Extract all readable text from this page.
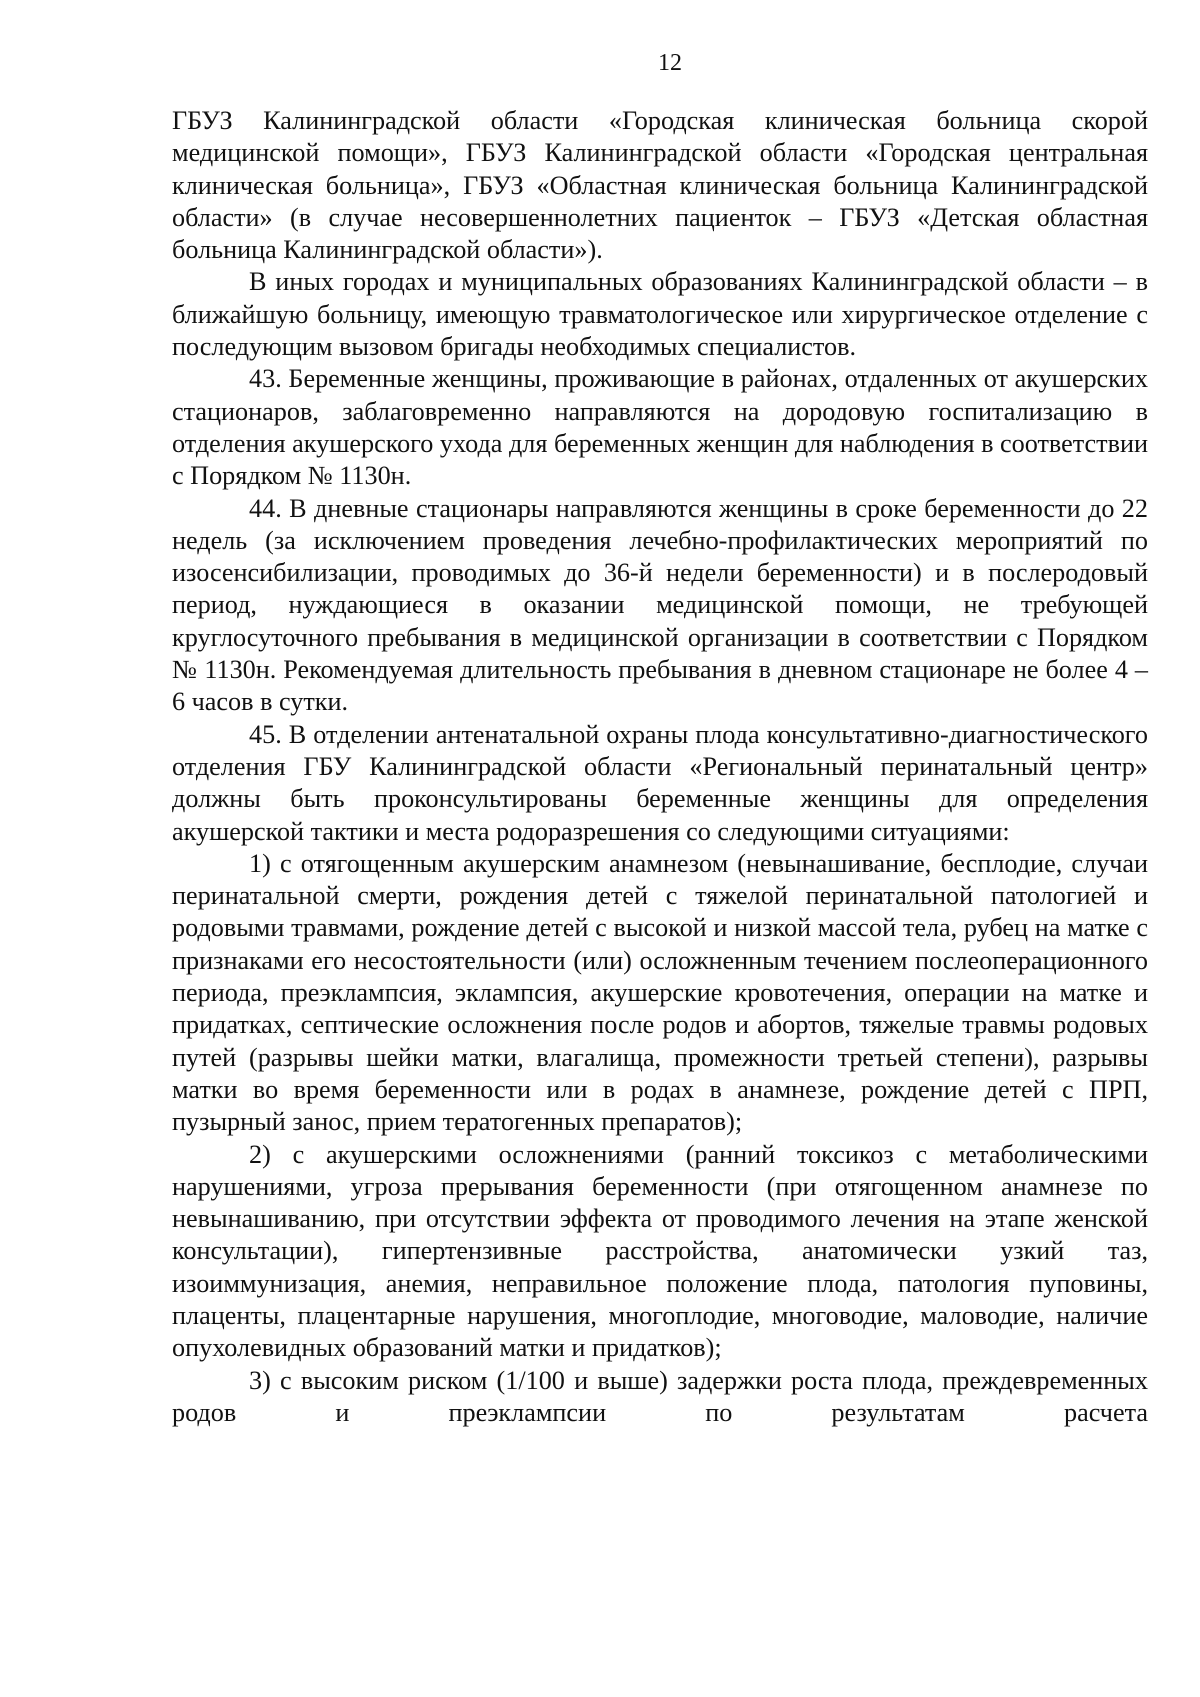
12

ГБУЗ Калининградской области «Городская клиническая больница скорой медицинской помощи», ГБУЗ Калининградской области «Городская центральная клиническая больница», ГБУЗ «Областная клиническая больница Калининградской области» (в случае несовершеннолетних пациенток – ГБУЗ «Детская областная больница Калининградской области»).

В иных городах и муниципальных образованиях Калининградской области – в ближайшую больницу, имеющую травматологическое или хирургическое отделение с последующим вызовом бригады необходимых специалистов.

43. Беременные женщины, проживающие в районах, отдаленных от акушерских стационаров, заблаговременно направляются на дородовую госпитализацию в отделения акушерского ухода для беременных женщин для наблюдения в соответствии с Порядком № 1130н.

44. В дневные стационары направляются женщины в сроке беременности до 22 недель (за исключением проведения лечебно-профилактических мероприятий по изосенсибилизации, проводимых до 36-й недели беременности) и в послеродовый период, нуждающиеся в оказании медицинской помощи, не требующей круглосуточного пребывания в медицинской организации в соответствии с Порядком № 1130н. Рекомендуемая длительность пребывания в дневном стационаре не более 4 – 6 часов в сутки.

45. В отделении антенатальной охраны плода консультативно-диагностического отделения ГБУ Калининградской области «Региональный перинатальный центр» должны быть проконсультированы беременные женщины для определения акушерской тактики и места родоразрешения со следующими ситуациями:

1) с отягощенным акушерским анамнезом (невынашивание, бесплодие, случаи перинатальной смерти, рождения детей с тяжелой перинатальной патологией и родовыми травмами, рождение детей с высокой и низкой массой тела, рубец на матке с признаками его несостоятельности (или) осложненным течением послеоперационного периода, преэклампсия, эклампсия, акушерские кровотечения, операции на матке и придатках, септические осложнения после родов и абортов, тяжелые травмы родовых путей (разрывы шейки матки, влагалища, промежности третьей степени), разрывы матки во время беременности или в родах в анамнезе, рождение детей с ПРП, пузырный занос, прием тератогенных препаратов);

2) с акушерскими осложнениями (ранний токсикоз с метаболическими нарушениями, угроза прерывания беременности (при отягощенном анамнезе по невынашиванию, при отсутствии эффекта от проводимого лечения на этапе женской консультации), гипертензивные расстройства, анатомически узкий таз, изоиммунизация, анемия, неправильное положение плода, патология пуповины, плаценты, плацентарные нарушения, многоплодие, многоводие, маловодие, наличие опухолевидных образований матки и придатков);

3) с высоким риском (1/100 и выше) задержки роста плода, преждевременных родов и преэклампсии по результатам расчета
